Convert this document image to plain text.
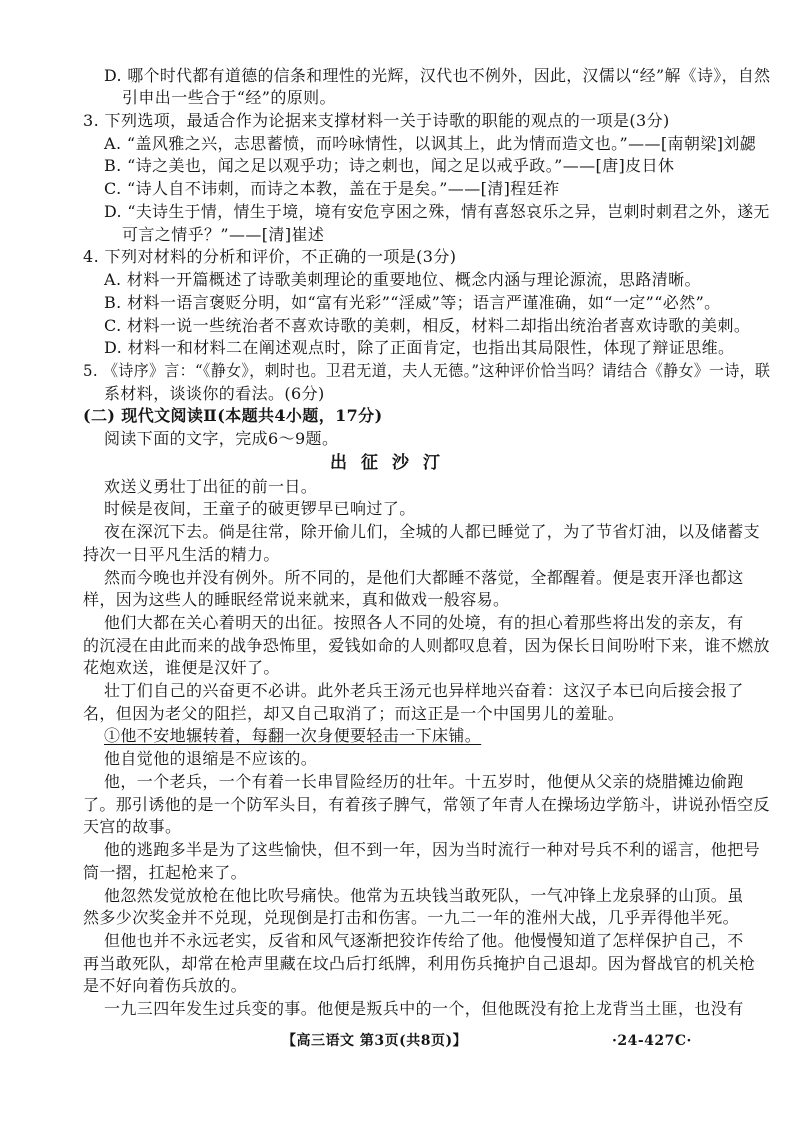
D. 哪个时代都有道德的信条和理性的光辉，汉代也不例外，因此，汉儒以“经”解《诗》，自然
引申出一些合于“经”的原则。
3. 下列选项，最适合作为论据来支撑材料一关于诗歌的职能的观点的一项是(3分)
A. “盖风雅之兴，志思蓄愤，而吟咏情性，以讽其上，此为情而造文也。”——[南朝梁]刘勰
B. “诗之美也，闻之足以观乎功；诗之刺也，闻之足以戒乎政。”——[唐]皮日休
C. “诗人自不讳刺，而诗之本教，盖在于是矣。”——[清]程廷祚
D. “夫诗生于情，情生于境，境有安危亨困之殊，情有喜怒哀乐之异，岂刺时刺君之外，遂无
可言之情乎？”——[清]崔述
4. 下列对材料的分析和评价，不正确的一项是(3分)
A. 材料一开篇概述了诗歌美刺理论的重要地位、概念内涵与理论源流，思路清晰。
B. 材料一语言褒贬分明，如“富有光彩”“淫威”等；语言严谨准确，如“一定”“必然”。
C. 材料一说一些统治者不喜欢诗歌的美刺，相反，材料二却指出统治者喜欢诗歌的美刺。
D. 材料一和材料二在阐述观点时，除了正面肯定，也指出其局限性，体现了辩证思维。
5. 《诗序》言：“《静女》，刺时也。卫君无道，夫人无德。”这种评价恰当吗？请结合《静女》一诗，联
系材料，谈谈你的看法。(6分)
(二) 现代文阅读Ⅱ(本题共4小题，17分)
阅读下面的文字，完成6～9题。
出征沙汀
欢送义勇壮丁出征的前一日。
时候是夜间，王童子的破更锣早已响过了。
夜在深沉下去。倘是往常，除开偷儿们，全城的人都已睡觉了，为了节省灯油，以及储蓄支
持次一日平凡生活的精力。
然而今晚也并没有例外。所不同的，是他们大都睡不落觉，全都醒着。便是衷开泽也都这
样，因为这些人的睡眠经常说来就来，真和做戏一般容易。
他们大都在关心着明天的出征。按照各人不同的处境，有的担心着那些将出发的亲友，有
的沉浸在由此而来的战争恐怖里，爱钱如命的人则都叹息着，因为保长日间吩咐下来，谁不燃放
花炮欢送，谁便是汉奸了。
壮丁们自己的兴奋更不必讲。此外老兵王汤元也异样地兴奋着：这汉子本已向后接会报了
名，但因为老父的阻拦，却又自己取消了；而这正是一个中国男儿的羞耻。
①他不安地辗转着，每翻一次身便要轻击一下床铺。
他自觉他的退缩是不应该的。
他，一个老兵，一个有着一长串冒险经历的壮年。十五岁时，他便从父亲的烧腊摊边偷跑
了。那引诱他的是一个防军头目，有着孩子脾气，常领了年青人在操场边学筋斗，讲说孙悟空反
天宫的故事。
他的逃跑多半是为了这些愉快，但不到一年，因为当时流行一种对号兵不利的谣言，他把号
筒一摺，扛起枪来了。
他忽然发觉放枪在他比吹号痛快。他常为五块钱当敢死队，一气冲锋上龙泉驿的山顶。虽
然多少次奖金并不兑现，兑现倒是打击和伤害。一九二一年的淮州大战，几乎弄得他半死。
但他也并不永远老实，反省和风气逐渐把狡诈传给了他。他慢慢知道了怎样保护自己，不
再当敢死队，却常在枪声里藏在坟凸后打纸牌，利用伤兵掩护自己退却。因为督战官的机关枪
是不好向着伤兵放的。
一九三四年发生过兵变的事。他便是叛兵中的一个，但他既没有抢上龙背当土匪，也没有
【高三语文 第3页(共8页)】	·24-427C·
